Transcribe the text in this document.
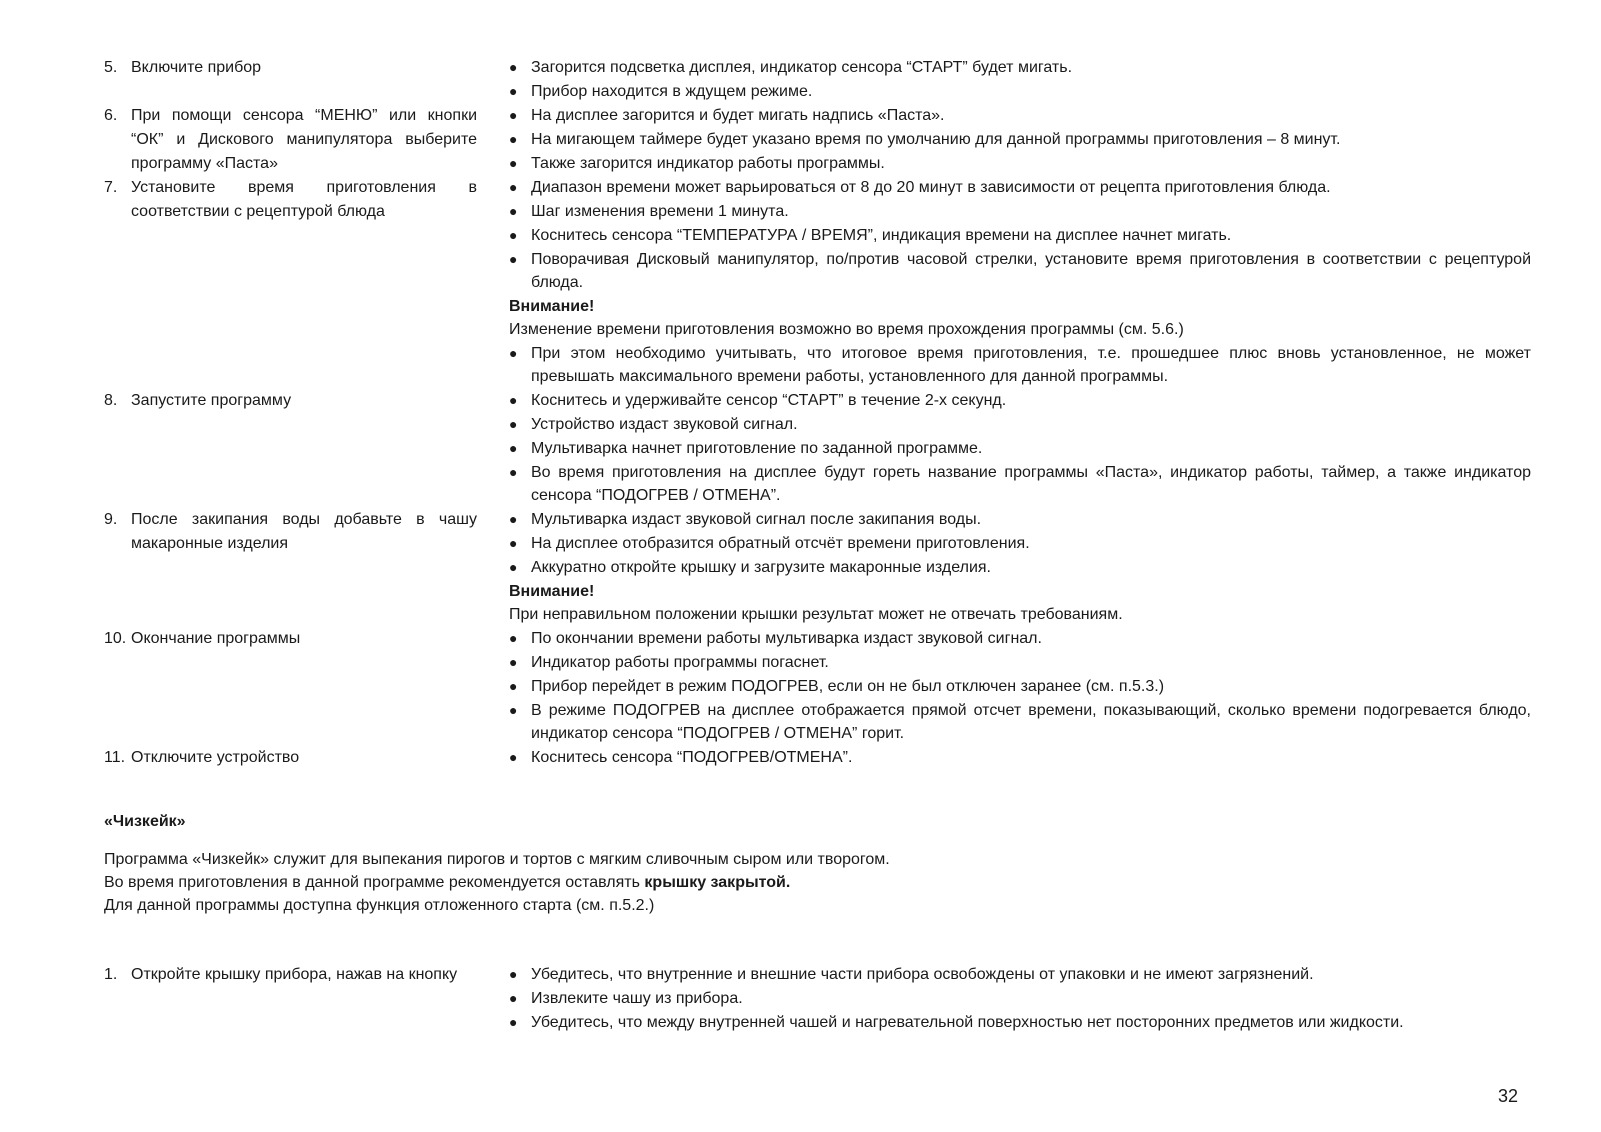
5. Включите прибор	● Загорится подсветка дисплея, индикатор сенсора “СТАРТ” будет мигать.
● Прибор находится в ждущем режиме.
6. При помощи сенсора “МЕНЮ” или кнопки “ОК” и Дискового манипулятора выберите программу «Паста»
● На дисплее загорится и будет мигать надпись «Паста».
● На мигающем таймере будет указано время по умолчанию для данной программы приготовления – 8 минут.
● Также загорится индикатор работы программы.
7. Установите время приготовления в соответствии с рецептурой блюда
● Диапазон времени может варьироваться от 8 до 20 минут в зависимости от рецепта приготовления блюда.
● Шаг изменения времени 1 минута.
● Коснитесь сенсора “ТЕМПЕРАТУРА / ВРЕМЯ”, индикация времени на дисплее начнет мигать.
● Поворачивая Дисковый манипулятор, по/против часовой стрелки, установите время приготовления в соответствии с рецептурой блюда.
Внимание!
Изменение времени приготовления возможно во время прохождения программы (см. 5.6.)
● При этом необходимо учитывать, что итоговое время приготовления, т.е. прошедшее плюс вновь установленное, не может превышать максимального времени работы, установленного для данной программы.
8. Запустите программу	● Коснитесь и удерживайте сенсор “СТАРТ” в течение 2-х секунд.
● Устройство издаст звуковой сигнал.
● Мультиварка начнет приготовление по заданной программе.
● Во время приготовления на дисплее будут гореть название программы «Паста», индикатор работы, таймер, а также индикатор сенсора “ПОДОГРЕВ / ОТМЕНА”.
9. После закипания воды добавьте в чашу макаронные изделия
● Мультиварка издаст звуковой сигнал после закипания воды.
● На дисплее отобразится обратный отсчёт времени приготовления.
● Аккуратно откройте крышку и загрузите макаронные изделия.
Внимание!
При неправильном положении крышки результат может не отвечать требованиям.
10. Окончание программы	● По окончании времени работы мультиварка издаст звуковой сигнал.
● Индикатор работы программы погаснет.
● Прибор перейдет в режим ПОДОГРЕВ, если он не был отключен заранее (см. п.5.3.)
● В режиме ПОДОГРЕВ на дисплее отображается прямой отсчет времени, показывающий, сколько времени подогревается блюдо, индикатор сенсора “ПОДОГРЕВ / ОТМЕНА” горит.
11. Отключите устройство	● Коснитесь сенсора “ПОДОГРЕВ/ОТМЕНА”.
«Чизкейк»
Программа «Чизкейк» служит для выпекания пирогов и тортов с мягким сливочным сыром или творогом.
Во время приготовления в данной программе рекомендуется оставлять крышку закрытой.
Для данной программы доступна функция отложенного старта (см. п.5.2.)
1. Откройте крышку прибора, нажав на кнопку	● Убедитесь, что внутренние и внешние части прибора освобождены от упаковки и не имеют загрязнений.
● Извлеките чашу из прибора.
● Убедитесь, что между внутренней чашей и нагревательной поверхностью нет посторонних предметов или жидкости.
32
